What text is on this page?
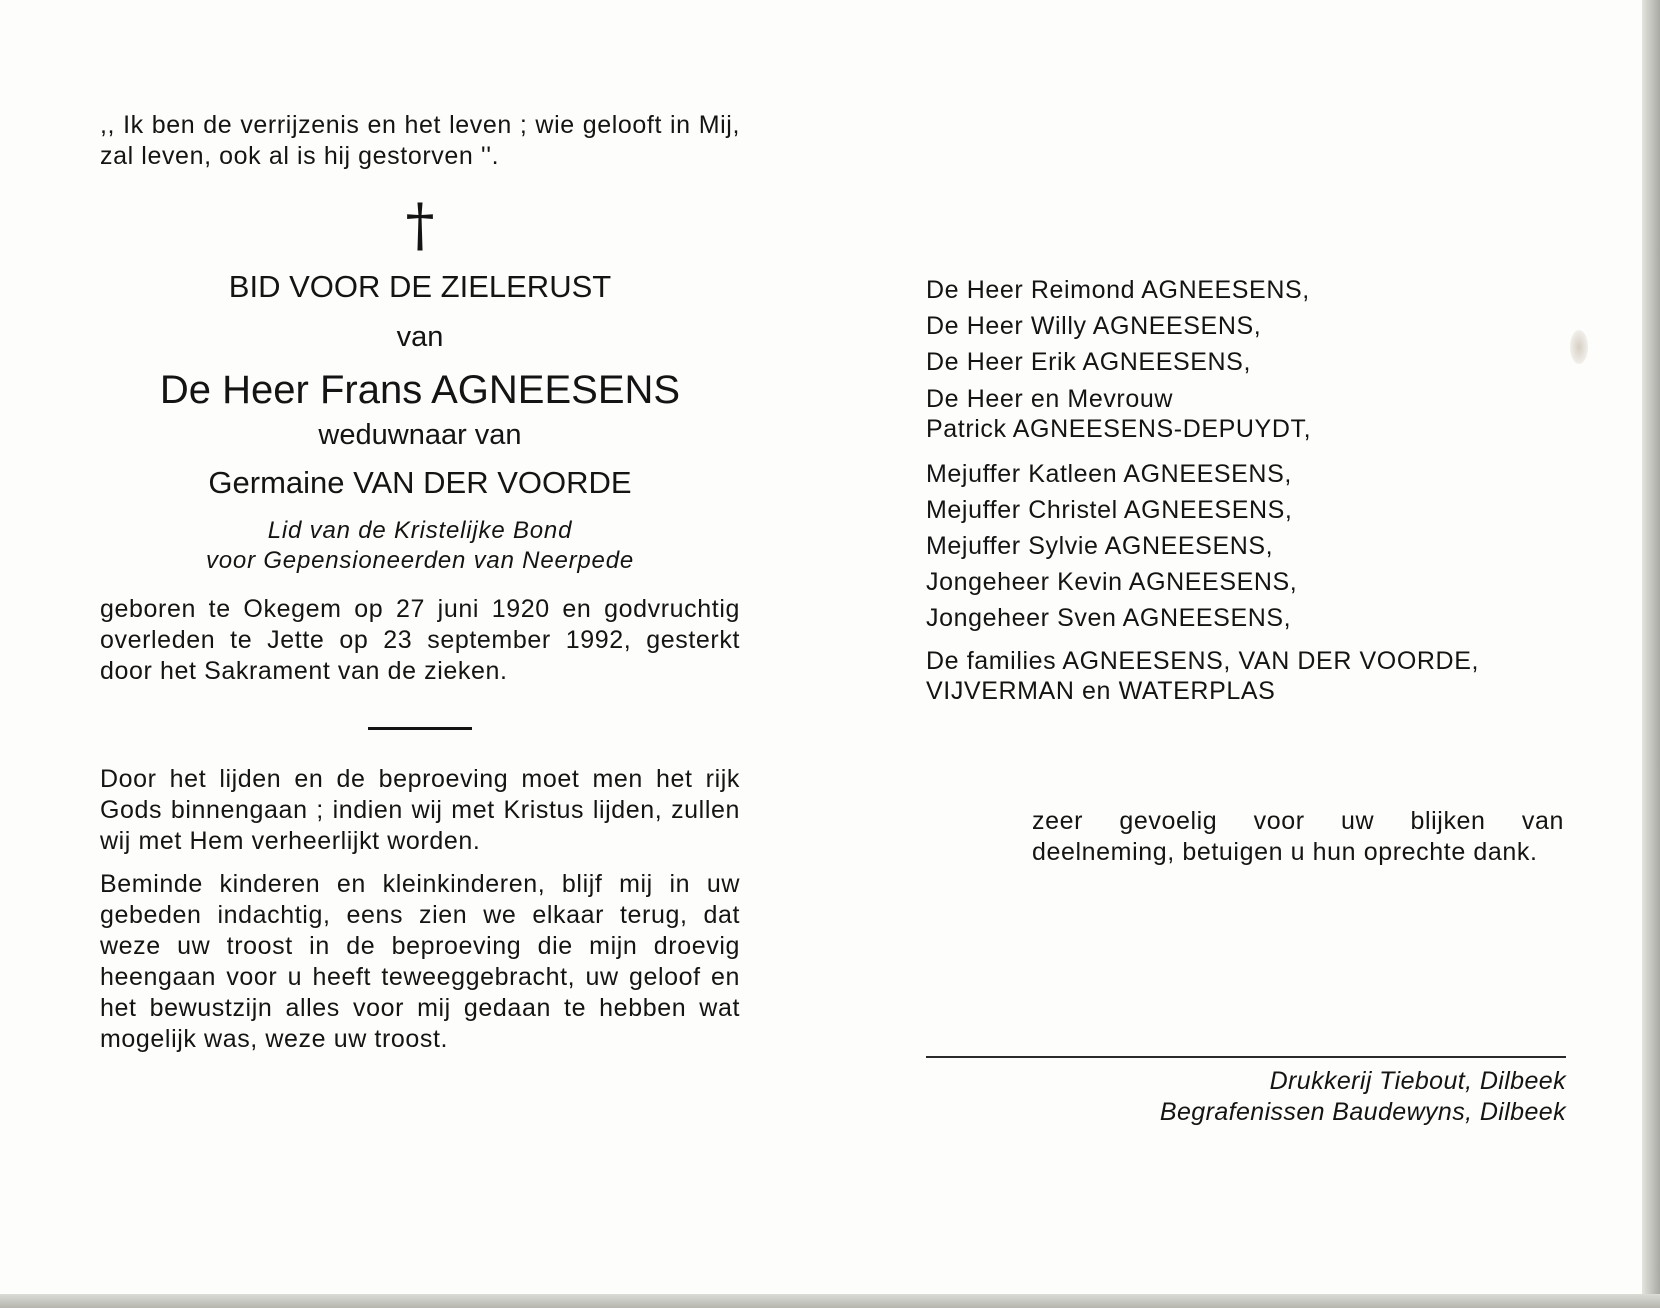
,, Ik ben de verrijzenis en het leven ; wie gelooft in Mij, zal leven, ook al is hij gestorven ''.

†

BID VOOR DE ZIELERUST

van

De Heer Frans AGNEESENS

weduwnaar van

Germaine VAN DER VOORDE

Lid van de Kristelijke Bond

voor Gepensioneerden van Neerpede

geboren te Okegem op 27 juni 1920 en godvruchtig overleden te Jette op 23 september 1992, gesterkt door het Sakrament van de zieken.

Door het lijden en de beproeving moet men het rijk Gods binnengaan ; indien wij met Kristus lijden, zullen wij met Hem verheerlijkt worden.

Beminde kinderen en kleinkinderen, blijf mij in uw gebeden indachtig, eens zien we elkaar terug, dat weze uw troost in de beproeving die mijn droevig heengaan voor u heeft teweeggebracht, uw geloof en het bewustzijn alles voor mij gedaan te hebben wat mogelijk was, weze uw troost.

De Heer Reimond AGNEESENS,

De Heer Willy AGNEESENS,

De Heer Erik AGNEESENS,

De Heer en Mevrouw

Patrick AGNEESENS-DEPUYDT,

Mejuffer Katleen AGNEESENS,

Mejuffer Christel AGNEESENS,

Mejuffer Sylvie AGNEESENS,

Jongeheer Kevin AGNEESENS,

Jongeheer Sven AGNEESENS,

De families AGNEESENS, VAN DER VOORDE,

VIJVERMAN en WATERPLAS

zeer gevoelig voor uw blijken van deelneming, betuigen u hun oprechte dank.

Drukkerij Tiebout, Dilbeek
Begrafenissen Baudewyns, Dilbeek
